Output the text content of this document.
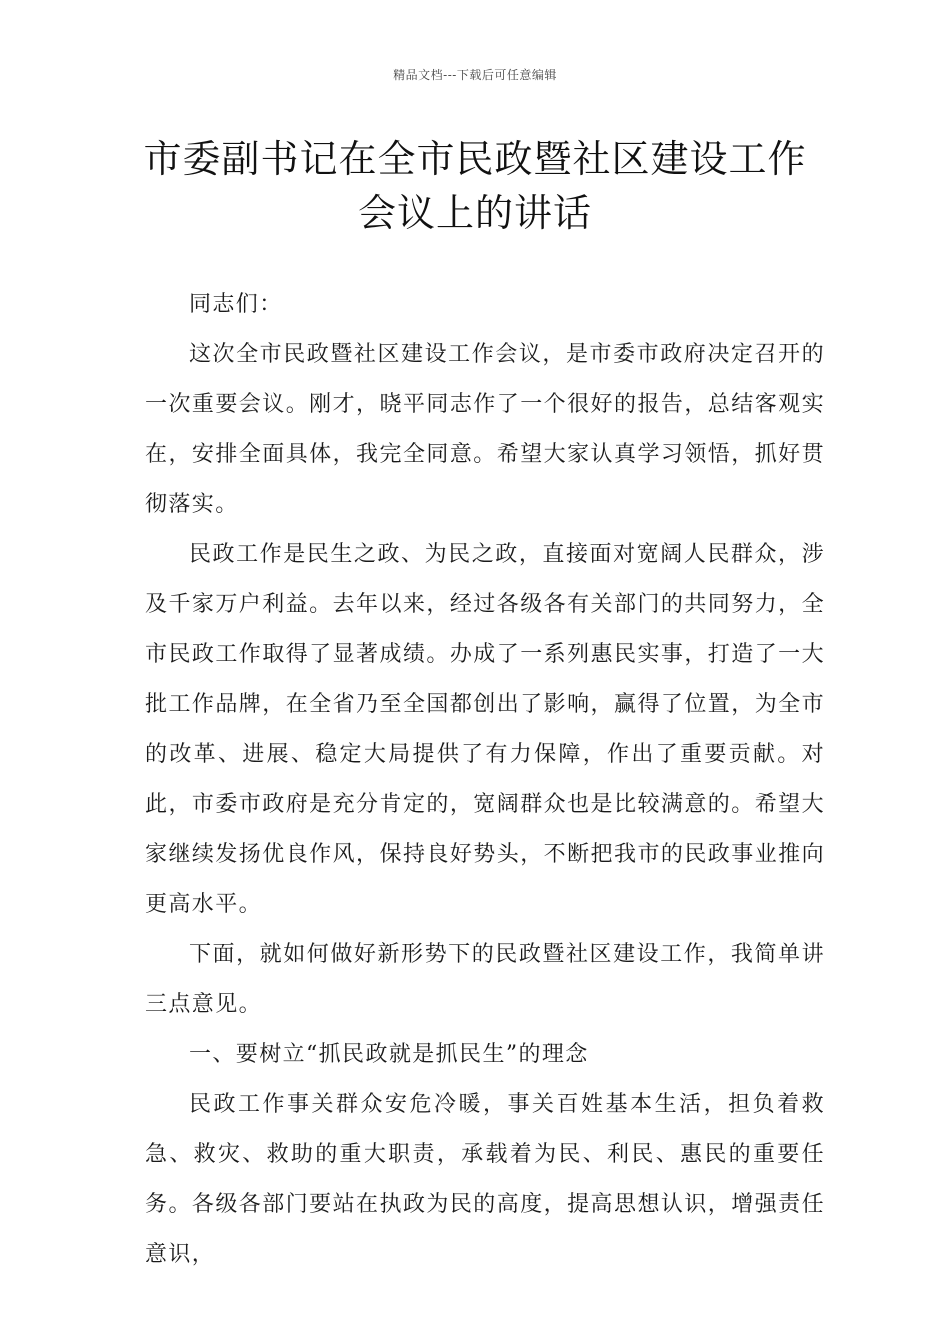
精品文档---下载后可任意编辑
市委副书记在全市民政暨社区建设工作
会议上的讲话

同志们：

这次全市民政暨社区建设工作会议，是市委市政府决定召开的一次重要会议。刚才，晓平同志作了一个很好的报告，总结客观实在，安排全面具体，我完全同意。希望大家认真学习领悟，抓好贯彻落实。

民政工作是民生之政、为民之政，直接面对宽阔人民群众，涉及千家万户利益。去年以来，经过各级各有关部门的共同努力，全市民政工作取得了显著成绩。办成了一系列惠民实事，打造了一大批工作品牌，在全省乃至全国都创出了影响，赢得了位置，为全市的改革、进展、稳定大局提供了有力保障，作出了重要贡献。对此，市委市政府是充分肯定的，宽阔群众也是比较满意的。希望大家继续发扬优良作风，保持良好势头，不断把我市的民政事业推向更高水平。

下面，就如何做好新形势下的民政暨社区建设工作，我简单讲三点意见。

一、要树立“抓民政就是抓民生”的理念

民政工作事关群众安危冷暖，事关百姓基本生活，担负着救急、救灾、救助的重大职责，承载着为民、利民、惠民的重要任务。各级各部门要站在执政为民的高度，提高思想认识，增强责任意识，
